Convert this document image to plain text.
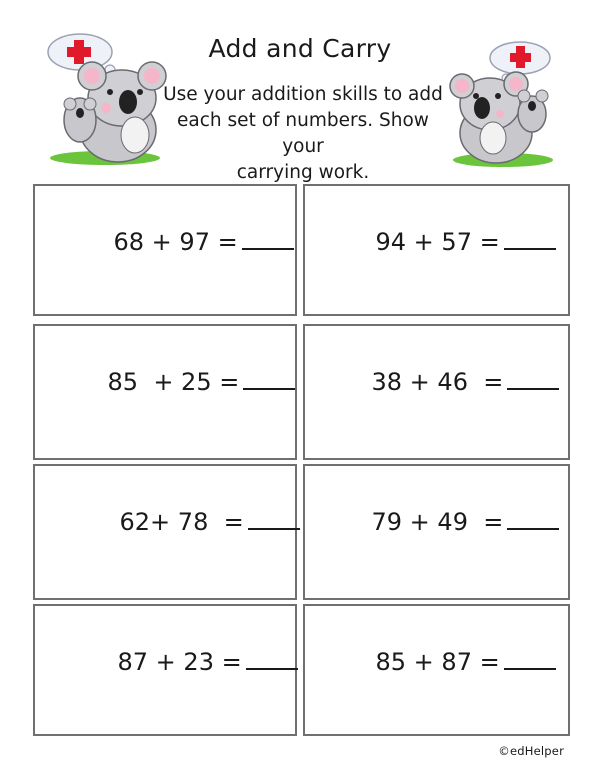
Add and Carry
Use your addition skills to add
each set of numbers. Show your
carrying work.

68 + 97 =
	94 + 57 =

85  + 25 =
	38 + 46  =

62+ 78  =
	79 + 49  =

87 + 23 =
	85 + 87 =

©edHelper
